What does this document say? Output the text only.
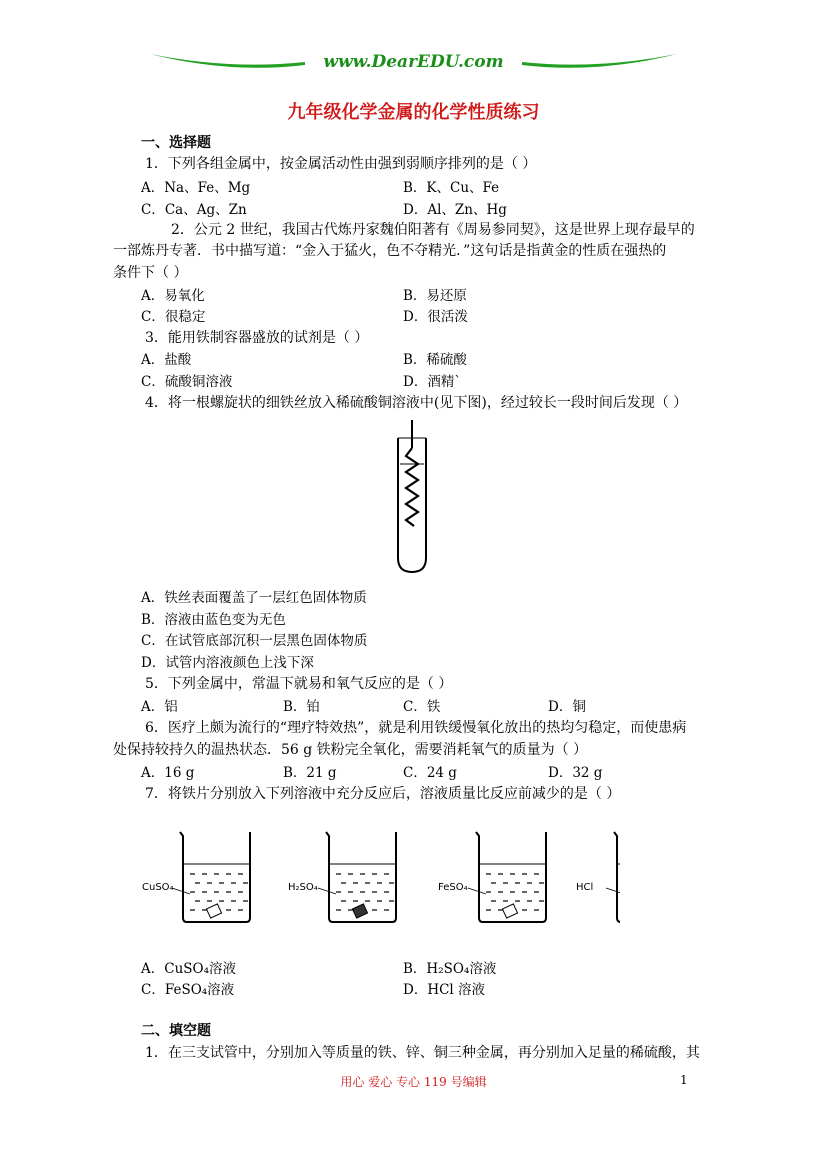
www.DearEDU.com
九年级化学金属的化学性质练习
一、选择题
1．下列各组金属中，按金属活动性由强到弱顺序排列的是（ ）
A．Na、Fe、Mg	B．K、Cu、Fe
C．Ca、Ag、Zn	D．Al、Zn、Hg
2．公元 2 世纪，我国古代炼丹家魏伯阳著有《周易参同契》，这是世界上现存最早的
一部炼丹专著．书中描写道：“金入于猛火，色不夺精光．”这句话是指黄金的性质在强热的
条件下（ ）
A．易氧化	B．易还原
C．很稳定	D．很活泼
3．能用铁制容器盛放的试剂是（ ）
A．盐酸	B．稀硫酸
C．硫酸铜溶液	D．酒精`
4．将一根螺旋状的细铁丝放入稀硫酸铜溶液中(见下图)，经过较长一段时间后发现（ ）
A．铁丝表面覆盖了一层红色固体物质
B．溶液由蓝色变为无色
C．在试管底部沉积一层黑色固体物质
D．试管内溶液颜色上浅下深
5．下列金属中，常温下就易和氧气反应的是（ ）
A．铝	B．铂	C．铁	D．铜
6．医疗上颇为流行的“理疗特效热”，就是利用铁缓慢氧化放出的热均匀稳定，而使患病
处保持较持久的温热状态．56 g 铁粉完全氧化，需要消耗氧气的质量为（ ）
A．16 g	B．21 g	C．24 g	D．32 g
7．将铁片分别放入下列溶液中充分反应后，溶液质量比反应前减少的是（ ）
CuSO₄	H₂SO₄	FeSO₄	HCl
A．CuSO₄溶液	B．H₂SO₄溶液
C．FeSO₄溶液	D．HCl 溶液
二、填空题
1．在三支试管中，分别加入等质量的铁、锌、铜三种金属，再分别加入足量的稀硫酸，其
用心 爱心 专心 119 号编辑	1
